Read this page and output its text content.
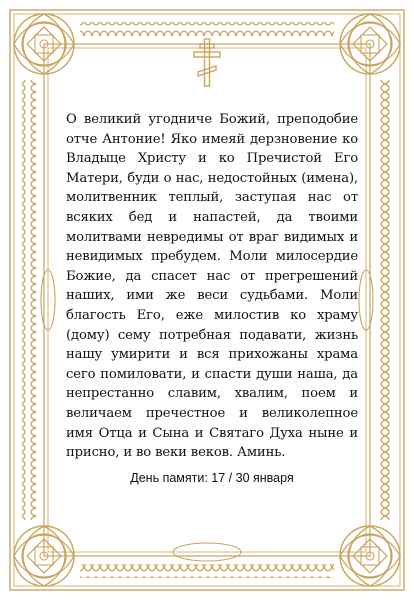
О великий угодниче Божий, преподобие отче Антоние! Яко имеяй дерзновение ко Владыце Христу и ко Пречистой Его Матери, буди о нас, недостойных (имена), молитвенник теплый, заступая нас от всяких бед и напастей, да твоими молитвами невредимы от враг видимых и невидимых пребудем. Моли милосердие Божие, да спасет нас от прегрешений наших, ими же веси судьбами. Моли благость Его, еже милостив ко храму (дому) сему потребная подавати, жизнь нашу умирити и вся прихожаны храма сего помиловати, и спасти души наша, да непрестанно славим, хвалим, поем и величаем пречестное и великолепное имя Отца и Сына и Святаго Духа ныне и присно, и во веки веков. Аминь.

День памяти: 17 / 30 января
